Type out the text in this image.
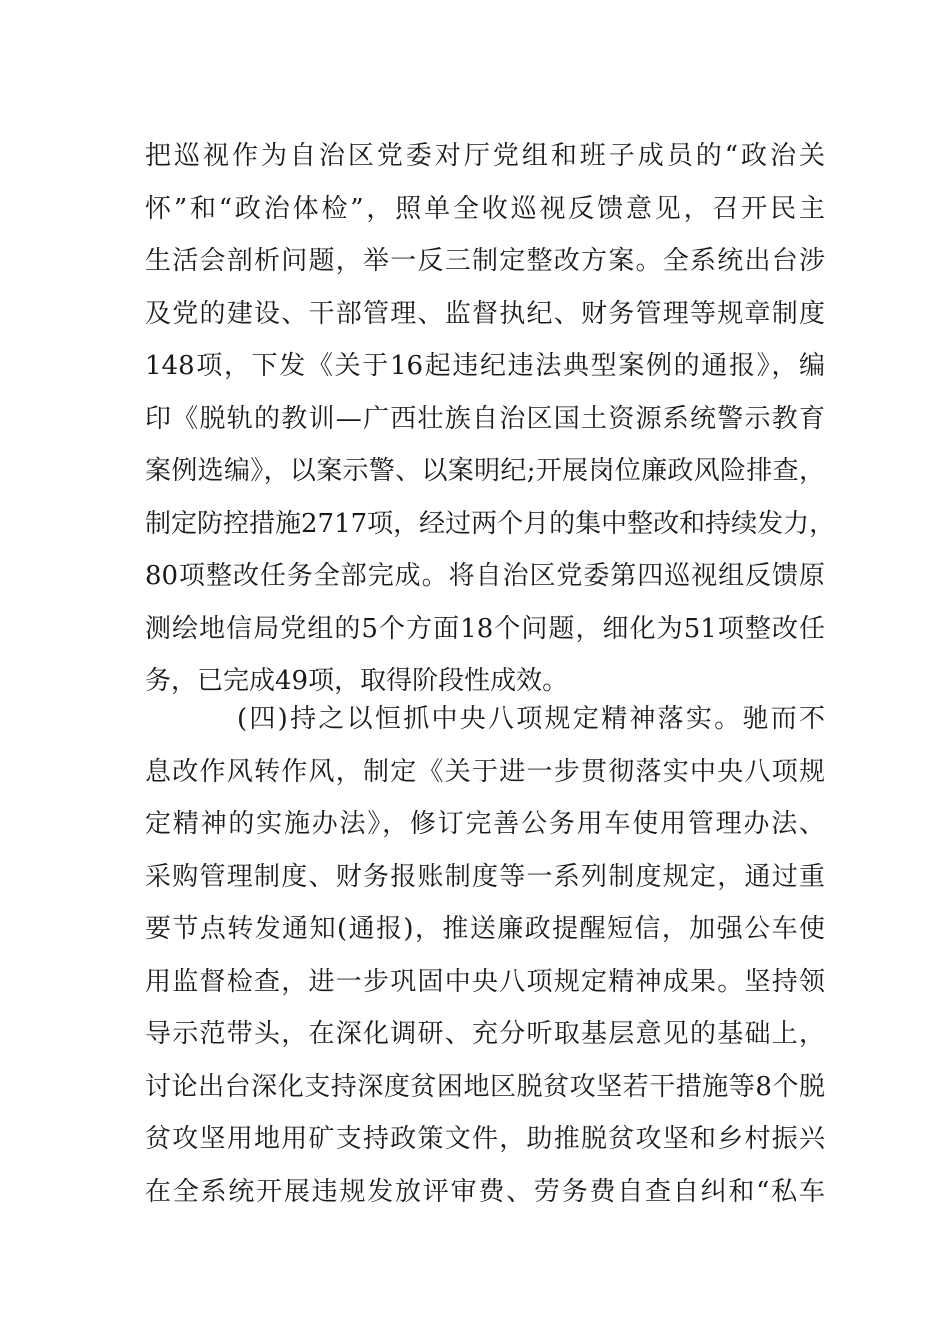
把巡视作为自治区党委对厅党组和班子成员的“政治关
怀”和“政治体检”，照单全收巡视反馈意见，召开民主
生活会剖析问题，举一反三制定整改方案。全系统出台涉
及党的建设、干部管理、监督执纪、财务管理等规章制度
148项，下发《关于16起违纪违法典型案例的通报》，编
印《脱轨的教训—广西壮族自治区国土资源系统警示教育
案例选编》，以案示警、以案明纪;开展岗位廉政风险排查，
制定防控措施2717项，经过两个月的集中整改和持续发力，
80项整改任务全部完成。将自治区党委第四巡视组反馈原
测绘地信局党组的5个方面18个问题，细化为51项整改任
务，已完成49项，取得阶段性成效。
(四)持之以恒抓中央八项规定精神落实。驰而不
息改作风转作风，制定《关于进一步贯彻落实中央八项规
定精神的实施办法》，修订完善公务用车使用管理办法、
采购管理制度、财务报账制度等一系列制度规定，通过重
要节点转发通知(通报)，推送廉政提醒短信，加强公车使
用监督检查，进一步巩固中央八项规定精神成果。坚持领
导示范带头，在深化调研、充分听取基层意见的基础上，
讨论出台深化支持深度贫困地区脱贫攻坚若干措施等8个脱
贫攻坚用地用矿支持政策文件，助推脱贫攻坚和乡村振兴
在全系统开展违规发放评审费、劳务费自查自纠和“私车
